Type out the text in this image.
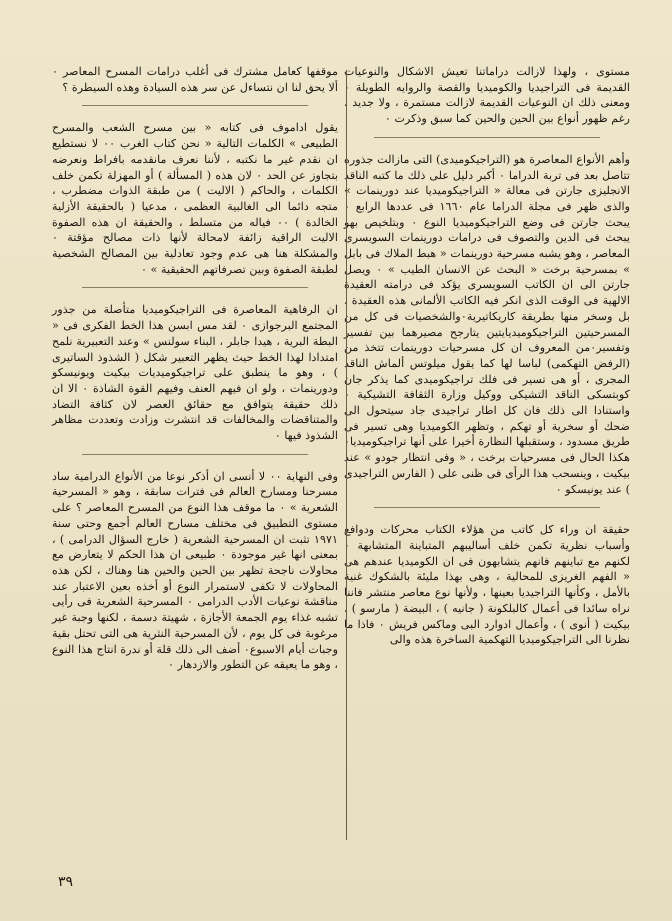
مستوى ، ولهذا لازالت دراماتنا تعيش الاشكال والنوعيات القديمة فى التراجيديا والكوميديا والقصة والروايه الطويلة ٠ ومعنى ذلك ان النوعيات القديمة لازالت مستمرة ، ولا جديد ، رغم ظهور أنواع بين الحين والحين كما سبق وذكرت ٠

وأهم الأنواع المعاصرة هو (التراجيكوميدى) التى مازالت جذوره تتاصل بعد فى تربة الدراما ٠ أكبر دليل على ذلك ما كتبه الناقد الانجليزى جارتن فى معالة « التراجيكوميديا عند دورينمات » والذى ظهر فى مجلة الدراما عام ١٦٦٠ فى عددها الرابع ٠ يبحث جارتن فى وضع التراجيكوميديا النوع ٠ وبتلخيص بهو يبحث فى الدين والتصوف فى درامات دورينمات السويسرى المعاصر ، وهو يشبه مسرحية دورينمات « هبط الملاك فى بابل » بمسرحية برخت « البحث عن الانسان الطيب » ٠ ويصل جارتن الى ان الكاتب السويسرى يؤكد فى درامته العقيدة الالهية فى الوقت الذى انكر فيه الكاتب الألمانى هذه العقيدة ، بل وسخر منها بطريقة كاريكاتيرية٠والشخصيات فى كل من المسرحيتين التراجيكوميديايتين يتارجح مصيرهما بين تفسير وتفسير٠من المعروف ان كل مسرحيات دورينمات تتخذ من (الرفض التهكمى) لباسا لها كما يقول ميلوتس ألماش الناقد المجرى ، أو هى تسير فى فلك تراجيكوميدى كما يذكر جان كوبتسكى الناقد التشيكى ووكيل وزارة الثقافة التشيكية ٠ واستنادا الى ذلك فان كل اطار تراجيدى جاد سيتحول الى ضحك أو سخرية أو تهكم ، وتظهر الكوميديا وهى تسير فى طريق مسدود ، وستقبلها النظارة أخيرا على أنها تراجيكوميديا٠ هكذا الحال فى مسرحيات برخت ، « وفى انتظار جودو » عند بيكيت ، وينسحب هذا الرأى فى ظنى على ( الفارس التراجيدى ) عند يونيسكو ٠

حقيقة ان وراء كل كاتب من هؤلاء الكتاب محركات ودوافع وأسباب نظرية تكمن خلف أساليبهم المتباينة المتشابهة ٠ لكنهم مع تباينهم فانهم يتشابهون فى ان الكوميديا عندهم هى « الفهم الغريزى للمحالية ، وهى بهذا مليئة بالشكوك غنية بالأمل ، وكأنها التراجيديا بعينها ، ولأنها نوع معاصر منتشر فاننا نراه سائدا فى أعمال كالبلكونة ( جانيه ) ، البيضة ( مارسو ) ، بيكيت ( أنوى ) ، وأعمال ادوارد البى وماكس فريش ٠ فاذا ما نظرنا الى التراجيكوميديا التهكمية الساخرة هذه والى

موقفها كعامل مشترك فى أغلب درامات المسرح المعاصر ٠ ألا يحق لنا ان نتساءل عن سر هذه السيادة وهذه السيطرة ؟

يقول اداموف فى كتابه « بين مسرح الشعب والمسرح الطبيعى » الكلمات التالية « نحن كتاب الغرب ٠٠ لا نستطيع ان نقدم غير ما نكتبه ، لأننا نعرف مانقدمه بافراط ونعرضه بتجاوز عن الحد ٠ لان هذه ( المسألة ) أو المهزلة تكمن خلف الكلمات ، والحاكم ( الاليت ) من طبقة الذوات مضطرب ، متجه دائما الى الغالبية العظمى ، مدعيا ( بالحقيقة الأزلية الخالدة ) ٠٠ فياله من متسلط ، والحقيقة ان هذه الصفوة الاليت الراقية زائفة لامحالة لأنها ذات مصالح مؤقتة ٠ والمشكلة هنا هى عدم وجود تعادلية بين المصالح الشخصية لطبقة الصفوة وبين تصرفاتهم الحقيقية » ٠

ان الرفاهية المعاصرة فى التراجيكوميديا متأصلة من جذور المجتمع البرجوازى ٠ لقد مس ابسن هذا الخط الفكرى فى « البطة البرية ، هيدا جابلر ، البناء سولنس » وعند التعبيرية نلمح امتدادا لهذا الخط حيث يظهر التعبير شكل ( الشذوذ الساتيرى ) ، وهو ما ينطبق على تراجيكوميديات بيكيت ويونيسكو ودورينمات ، ولو ان فيهم العنف وفيهم القوة الشاذة ٠ الا ان ذلك حقيقة يتوافق مع حقائق العصر لان كثافة التضاد والمتناقضات والمخالفات قد انتشرت وزادت وتعددت مظاهر الشذوذ فيها ٠

وفى النهاية ٠٠ لا أنسى ان أذكر نوعا من الأنواع الدرامية ساد مسرحنا ومسارح العالم فى فترات سابقة ، وهو « المسرحية الشعرية » ٠ ما موقف هذا النوع من المسرح المعاصر ؟ على مستوى التطبيق فى مختلف مسارح العالم أجمع وحتى سنة ١٩٧١ تثبت ان المسرحية الشعرية ( خارج السؤال الدرامى ) ، بمعنى انها غير موجودة ٠ طبيعى ان هذا الحكم لا يتعارض مع محاولات ناجحة تظهر بين الحين والحين هنا وهناك ، لكن هذه المحاولات لا تكفى لاستمرار النوع أو أخذه بعين الاعتبار عند مناقشة نوعيات الأدب الدرامى ٠ المسرحية الشعرية فى رأيى تشبه غذاء يوم الجمعة الأجازة ، شهيتة دسمة ، لكنها وجبة غير مرغوبة فى كل يوم ، لأن المسرحية النثرية هى التى تحتل بقية وجبات أيام الاسبوع٠ أضف الى ذلك قلة أو ندرة انتاج هذا النوع ، وهو ما يعيقه عن التطور والازدهار ٠

٣٩
